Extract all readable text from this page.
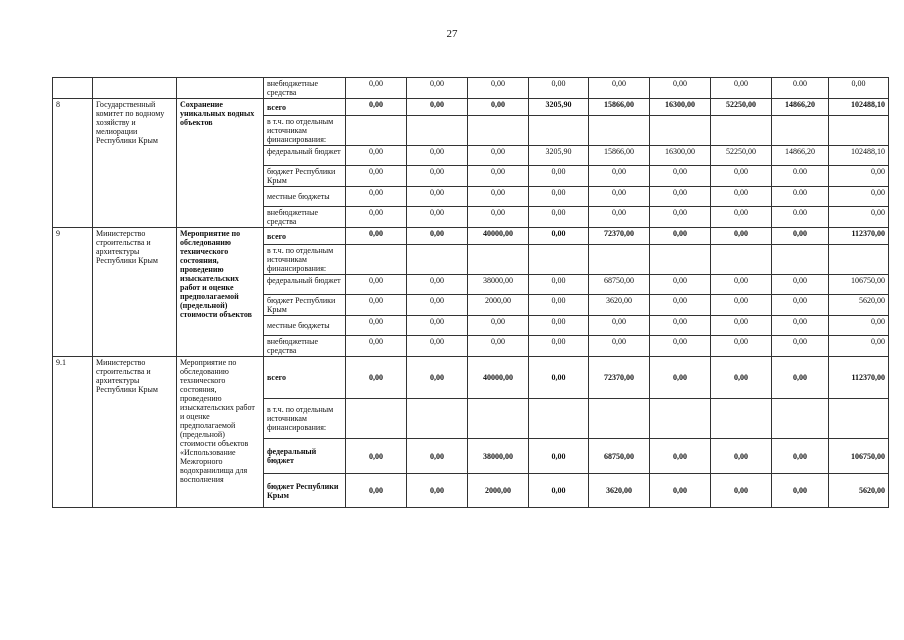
27
			внебюджетные средства	0,00	0,00	0,00	0,00	0,00	0,00	0,00	0.00	0,00
8	Государственный комитет по водному хозяйству и мелиорации Республики Крым	Сохранение уникальных водных объектов	всего	0,00	0,00	0,00	3205,90	15866,00	16300,00	52250,00	14866,20	102488,10
			в т.ч. по отдельным источникам финансирования:									
			федеральный бюджет	0,00	0,00	0,00	3205,90	15866,00	16300,00	52250,00	14866,20	102488,10
			бюджет Республики Крым	0,00	0,00	0,00	0,00	0,00	0,00	0,00	0.00	0,00
			местные бюджеты	0,00	0,00	0,00	0,00	0,00	0,00	0,00	0.00	0,00
			внебюджетные средства	0,00	0,00	0,00	0,00	0,00	0,00	0,00	0.00	0,00
9	Министерство строительства и архитектуры Республики Крым	Мероприятие по обследованию технического состояния, проведению изыскательских работ и оценке предполагаемой (предельной) стоимости объектов	всего	0,00	0,00	40000,00	0,00	72370,00	0,00	0,00	0,00	112370,00
			в т.ч. по отдельным источникам финансирования:									
			федеральный бюджет	0,00	0,00	38000,00	0,00	68750,00	0,00	0,00	0,00	106750,00
			бюджет Республики Крым	0,00	0,00	2000,00	0,00	3620,00	0,00	0,00	0,00	5620,00
			местные бюджеты	0,00	0,00	0,00	0,00	0,00	0,00	0,00	0,00	0,00
			внебюджетные средства	0,00	0,00	0,00	0,00	0,00	0,00	0,00	0,00	0,00
9.1	Министерство строительства и архитектуры Республики Крым	Мероприятие по обследованию технического состояния, проведению изыскательских работ и оценке предполагаемой (предельной) стоимости объектов «Использование Межгорного водохранилища для восполнения	всего	0,00	0,00	40000,00	0,00	72370,00	0,00	0,00	0,00	112370,00
			в т.ч. по отдельным источникам финансирования:									
			федеральный бюджет	0,00	0,00	38000,00	0,00	68750,00	0,00	0,00	0,00	106750,00
			бюджет Республики Крым	0,00	0,00	2000,00	0,00	3620,00	0,00	0,00	0,00	5620,00
